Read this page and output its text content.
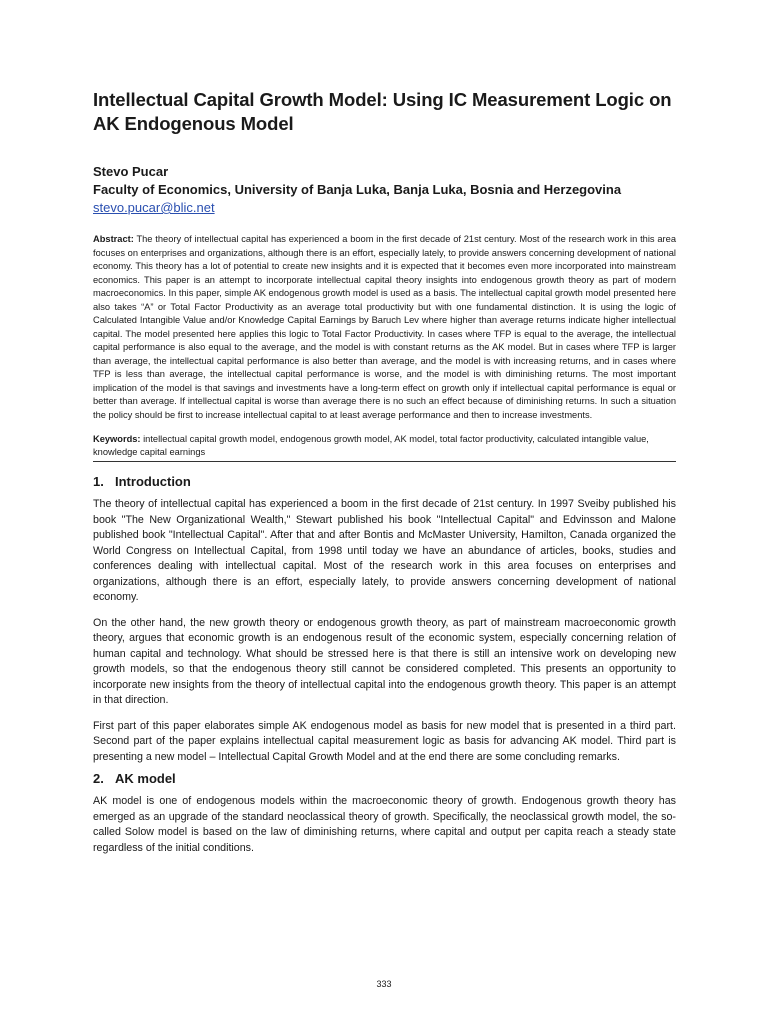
Intellectual Capital Growth Model: Using IC Measurement Logic on AK Endogenous Model

Stevo Pucar

Faculty of Economics, University of Banja Luka, Banja Luka, Bosnia and Herzegovina

stevo.pucar@blic.net

Abstract: The theory of intellectual capital has experienced a boom in the first decade of 21st century. Most of the research work in this area focuses on enterprises and organizations, although there is an effort, especially lately, to provide answers concerning development of national economy. This theory has a lot of potential to create new insights and it is expected that it becomes even more incorporated into mainstream economics. This paper is an attempt to incorporate intellectual capital theory insights into endogenous growth theory as part of modern macroeconomics. In this paper, simple AK endogenous growth model is used as a basis. The intellectual capital growth model presented here also takes “A” or Total Factor Productivity as an average total productivity but with one fundamental distinction. It is using the logic of Calculated Intangible Value and/or Knowledge Capital Earnings by Baruch Lev where higher than average returns indicate higher intellectual capital. The model presented here applies this logic to Total Factor Productivity. In cases where TFP is equal to the average, the intellectual capital performance is also equal to the average, and the model is with constant returns as the AK model. But in cases where TFP is larger than average, the intellectual capital performance is also better than average, and the model is with increasing returns, and in cases where TFP is less than average, the intellectual capital performance is worse, and the model is with diminishing returns. The most important implication of the model is that savings and investments have a long-term effect on growth only if intellectual capital performance is equal or better than average. If intellectual capital is worse than average there is no such an effect because of diminishing returns. In such a situation the policy should be first to increase intellectual capital to at least average performance and then to increase investments.

Keywords: intellectual capital growth model, endogenous growth model, AK model, total factor productivity, calculated intangible value, knowledge capital earnings

1. Introduction

The theory of intellectual capital has experienced a boom in the first decade of 21st century. In 1997 Sveiby published his book "The New Organizational Wealth," Stewart published his book "Intellectual Capital" and Edvinsson and Malone published book "Intellectual Capital". After that and after Bontis and McMaster University, Hamilton, Canada organized the World Congress on Intellectual Capital, from 1998 until today we have an abundance of articles, books, studies and conferences dealing with intellectual capital. Most of the research work in this area focuses on enterprises and organizations, although there is an effort, especially lately, to provide answers concerning development of national economy.

On the other hand, the new growth theory or endogenous growth theory, as part of mainstream macroeconomic growth theory, argues that economic growth is an endogenous result of the economic system, especially concerning relation of human capital and technology. What should be stressed here is that there is still an intensive work on developing new growth models, so that the endogenous theory still cannot be considered completed. This presents an opportunity to incorporate new insights from the theory of intellectual capital into the endogenous growth theory. This paper is an attempt in that direction.

First part of this paper elaborates simple AK endogenous model as basis for new model that is presented in a third part. Second part of the paper explains intellectual capital measurement logic as basis for advancing AK model. Third part is presenting a new model – Intellectual Capital Growth Model and at the end there are some concluding remarks.

2. AK model

AK model is one of endogenous models within the macroeconomic theory of growth. Endogenous growth theory has emerged as an upgrade of the standard neoclassical theory of growth. Specifically, the neoclassical growth model, the so-called Solow model is based on the law of diminishing returns, where capital and output per capita reach a steady state regardless of the initial conditions.

333
